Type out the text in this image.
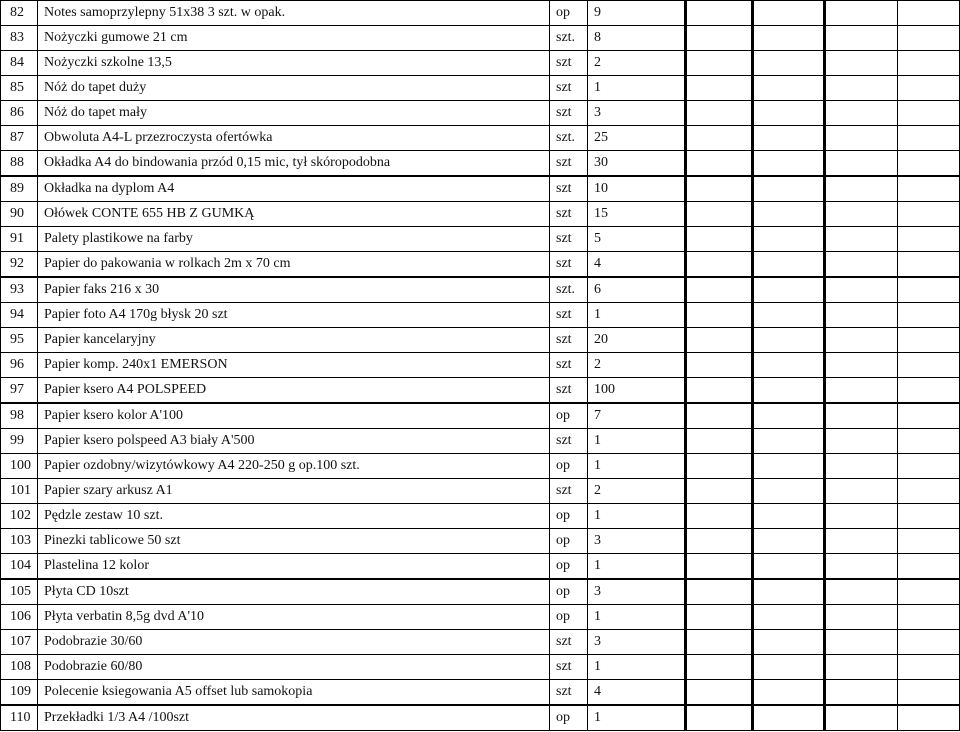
82	Notes samoprzylepny 51x38 3 szt. w opak.	op	9				
83	Nożyczki gumowe 21 cm	szt.	8				
84	Nożyczki szkolne 13,5	szt	2				
85	Nóż do tapet duży	szt	1				
86	Nóż do tapet mały	szt	3				
87	Obwoluta A4-L przezroczysta ofertówka	szt.	25				
88	Okładka A4 do bindowania przód 0,15 mic, tył skóropodobna	szt	30				
89	Okładka na dyplom A4	szt	10				
90	Ołówek CONTE 655 HB Z GUMKĄ	szt	15				
91	Palety plastikowe na farby	szt	5				
92	Papier do pakowania w rolkach 2m x 70 cm	szt	4				
93	Papier faks 216 x 30	szt.	6				
94	Papier foto A4 170g błysk 20 szt	szt	1				
95	Papier kancelaryjny	szt	20				
96	Papier komp. 240x1 EMERSON	szt	2				
97	Papier ksero A4 POLSPEED	szt	100				
98	Papier ksero kolor A'100	op	7				
99	Papier ksero polspeed A3 biały A'500	szt	1				
100	Papier ozdobny/wizytówkowy A4 220-250 g op.100 szt.	op	1				
101	Papier szary arkusz A1	szt	2				
102	Pędzle zestaw 10 szt.	op	1				
103	Pinezki tablicowe 50 szt	op	3				
104	Plastelina 12 kolor	op	1				
105	Płyta CD 10szt	op	3				
106	Płyta verbatin 8,5g dvd A'10	op	1				
107	Podobrazie 30/60	szt	3				
108	Podobrazie 60/80	szt	1				
109	Polecenie ksiegowania A5 offset lub samokopia	szt	4				
110	Przekładki 1/3 A4 /100szt	op	1				
